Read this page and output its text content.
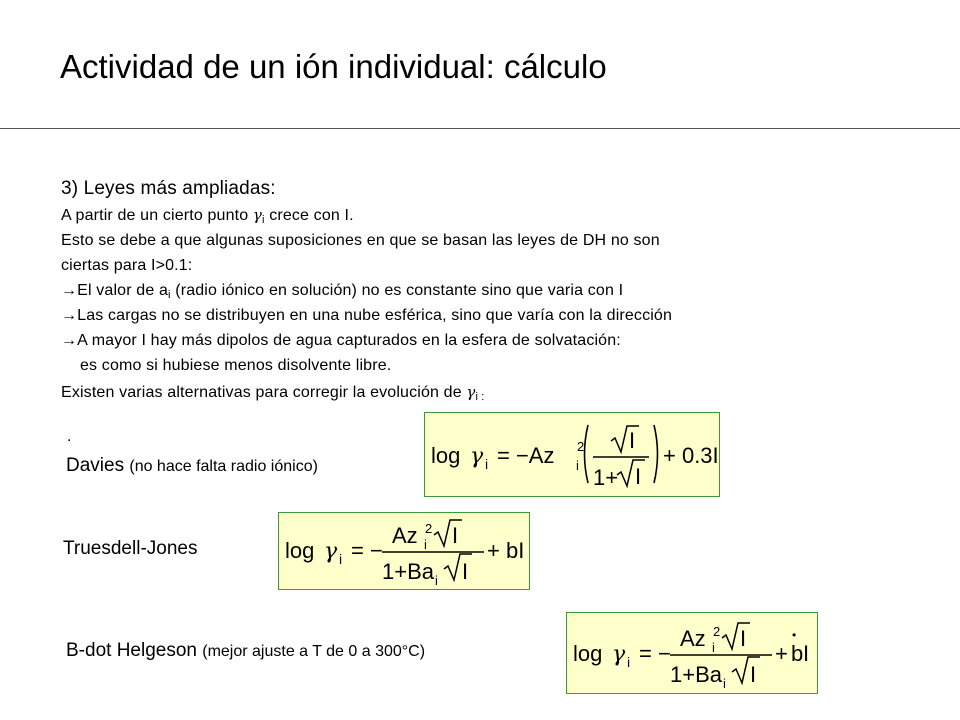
Actividad de un ión individual: cálculo
3) Leyes más ampliadas:
A partir de un cierto punto $\gamma_i$ crece con I.
Esto se debe a que algunas suposiciones en que se basan las leyes de DH no son
ciertas para I>0.1:
→El valor de $a_i$ (radio iónico en solución) no es constante sino que varia con I
→Las cargas no se distribuyen en una nube esférica, sino que varía con la dirección
→A mayor I hay más dipolos de agua capturados en la esfera de solvatación:
es como si hubiese menos disolvente libre.
Existen varias alternativas para corregir la evolución de $\gamma_{i :}$
.
Davies (no hace falta radio iónico)	log γ i = −Az 2
i
I
1+ I
+ 0.3I
Truesdell-Jones	log γ i = −
Az 2
i I
1+Ba i I
+ bI
B-dot Helgeson (mejor ajuste a T de 0 a 300°C)	log γ i = −
Az 2
i I
1+Ba i I
+
•
b I
